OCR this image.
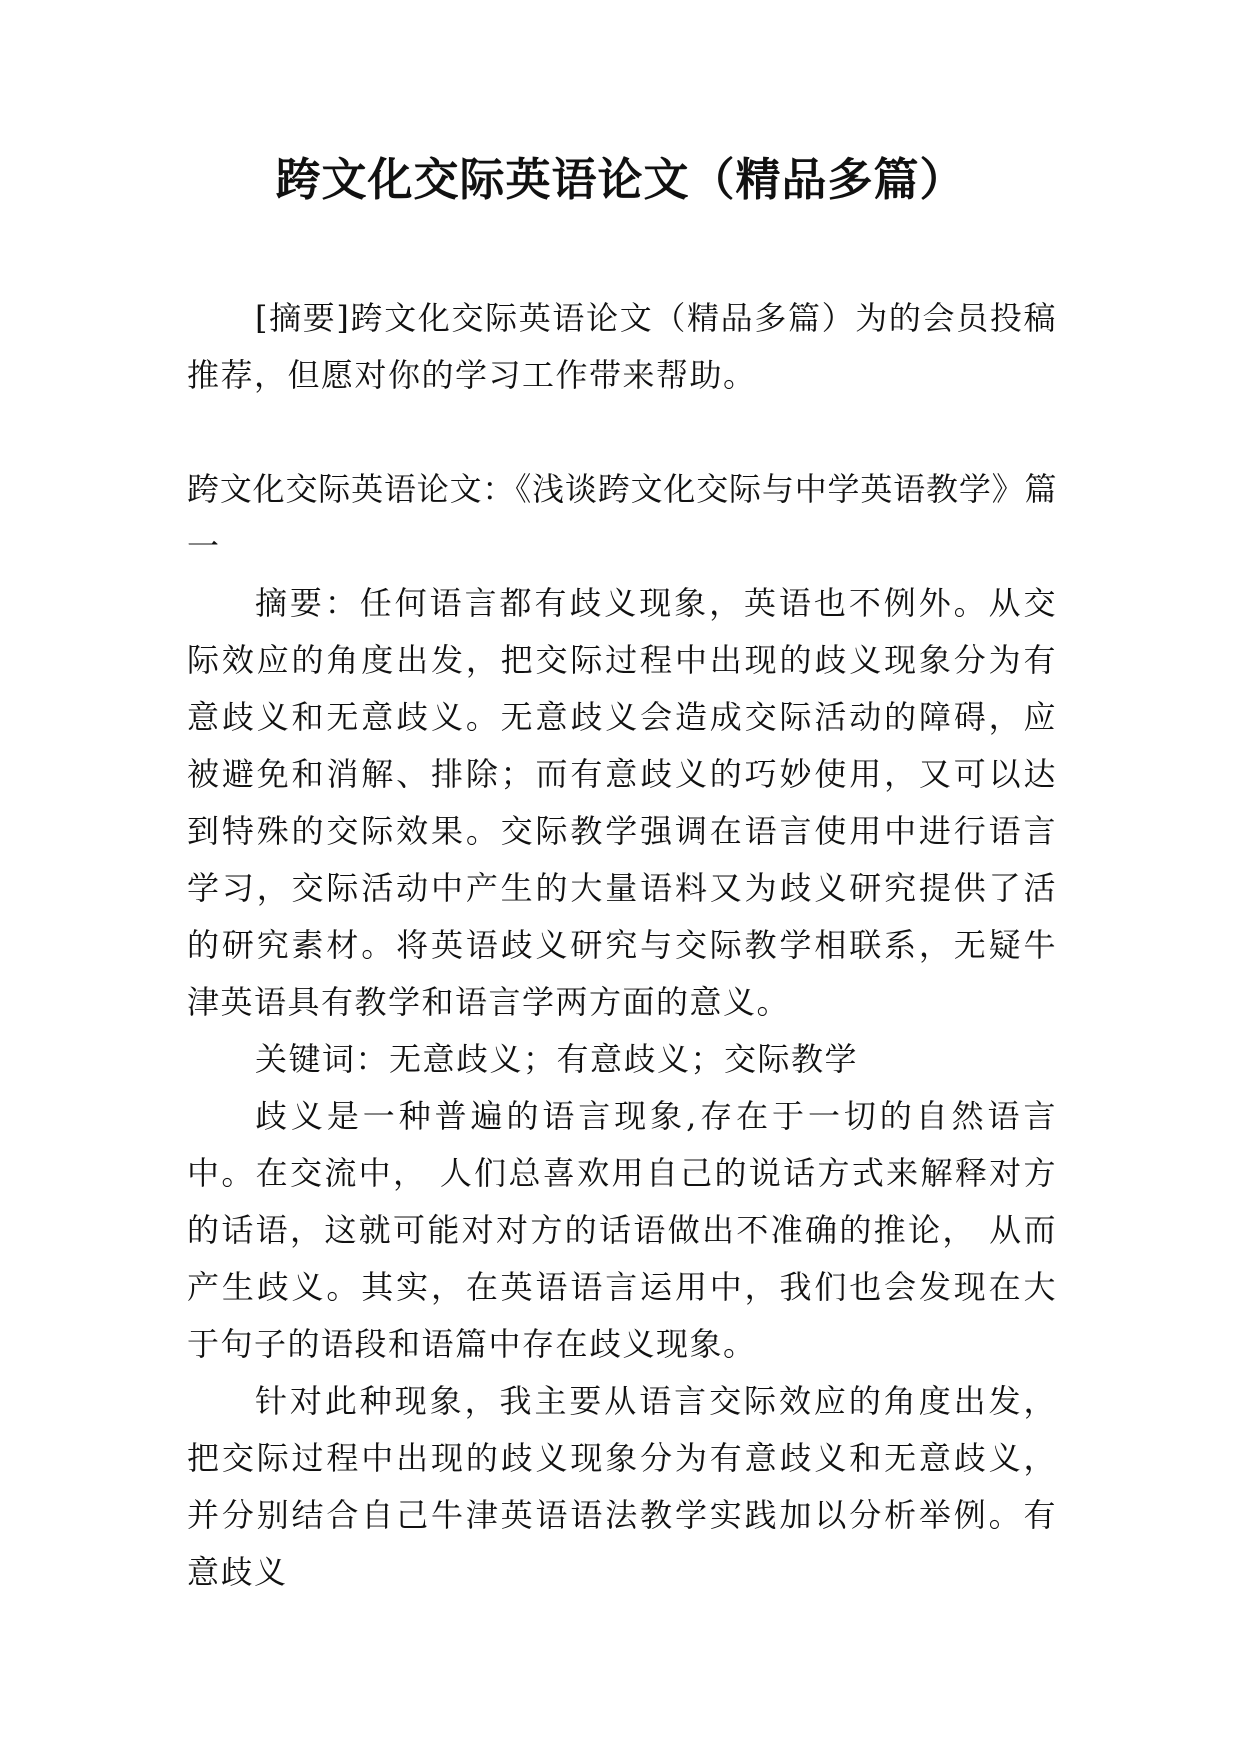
跨文化交际英语论文（精品多篇）

[摘要]跨文化交际英语论文（精品多篇）为的会员投稿推荐，但愿对你的学习工作带来帮助。

跨文化交际英语论文：《浅谈跨文化交际与中学英语教学》篇一

摘要：任何语言都有歧义现象，英语也不例外。从交际效应的角度出发，把交际过程中出现的歧义现象分为有意歧义和无意歧义。无意歧义会造成交际活动的障碍，应被避免和消解、排除；而有意歧义的巧妙使用，又可以达到特殊的交际效果。交际教学强调在语言使用中进行语言学习，交际活动中产生的大量语料又为歧义研究提供了活的研究素材。将英语歧义研究与交际教学相联系，无疑牛津英语具有教学和语言学两方面的意义。

关键词：无意歧义；有意歧义；交际教学

歧义是一种普遍的语言现象,存在于一切的自然语言中。在交流中， 人们总喜欢用自己的说话方式来解释对方的话语，这就可能对对方的话语做出不准确的推论， 从而产生歧义。其实，在英语语言运用中，我们也会发现在大于句子的语段和语篇中存在歧义现象。

针对此种现象，我主要从语言交际效应的角度出发，把交际过程中出现的歧义现象分为有意歧义和无意歧义，并分别结合自己牛津英语语法教学实践加以分析举例。有意歧义
